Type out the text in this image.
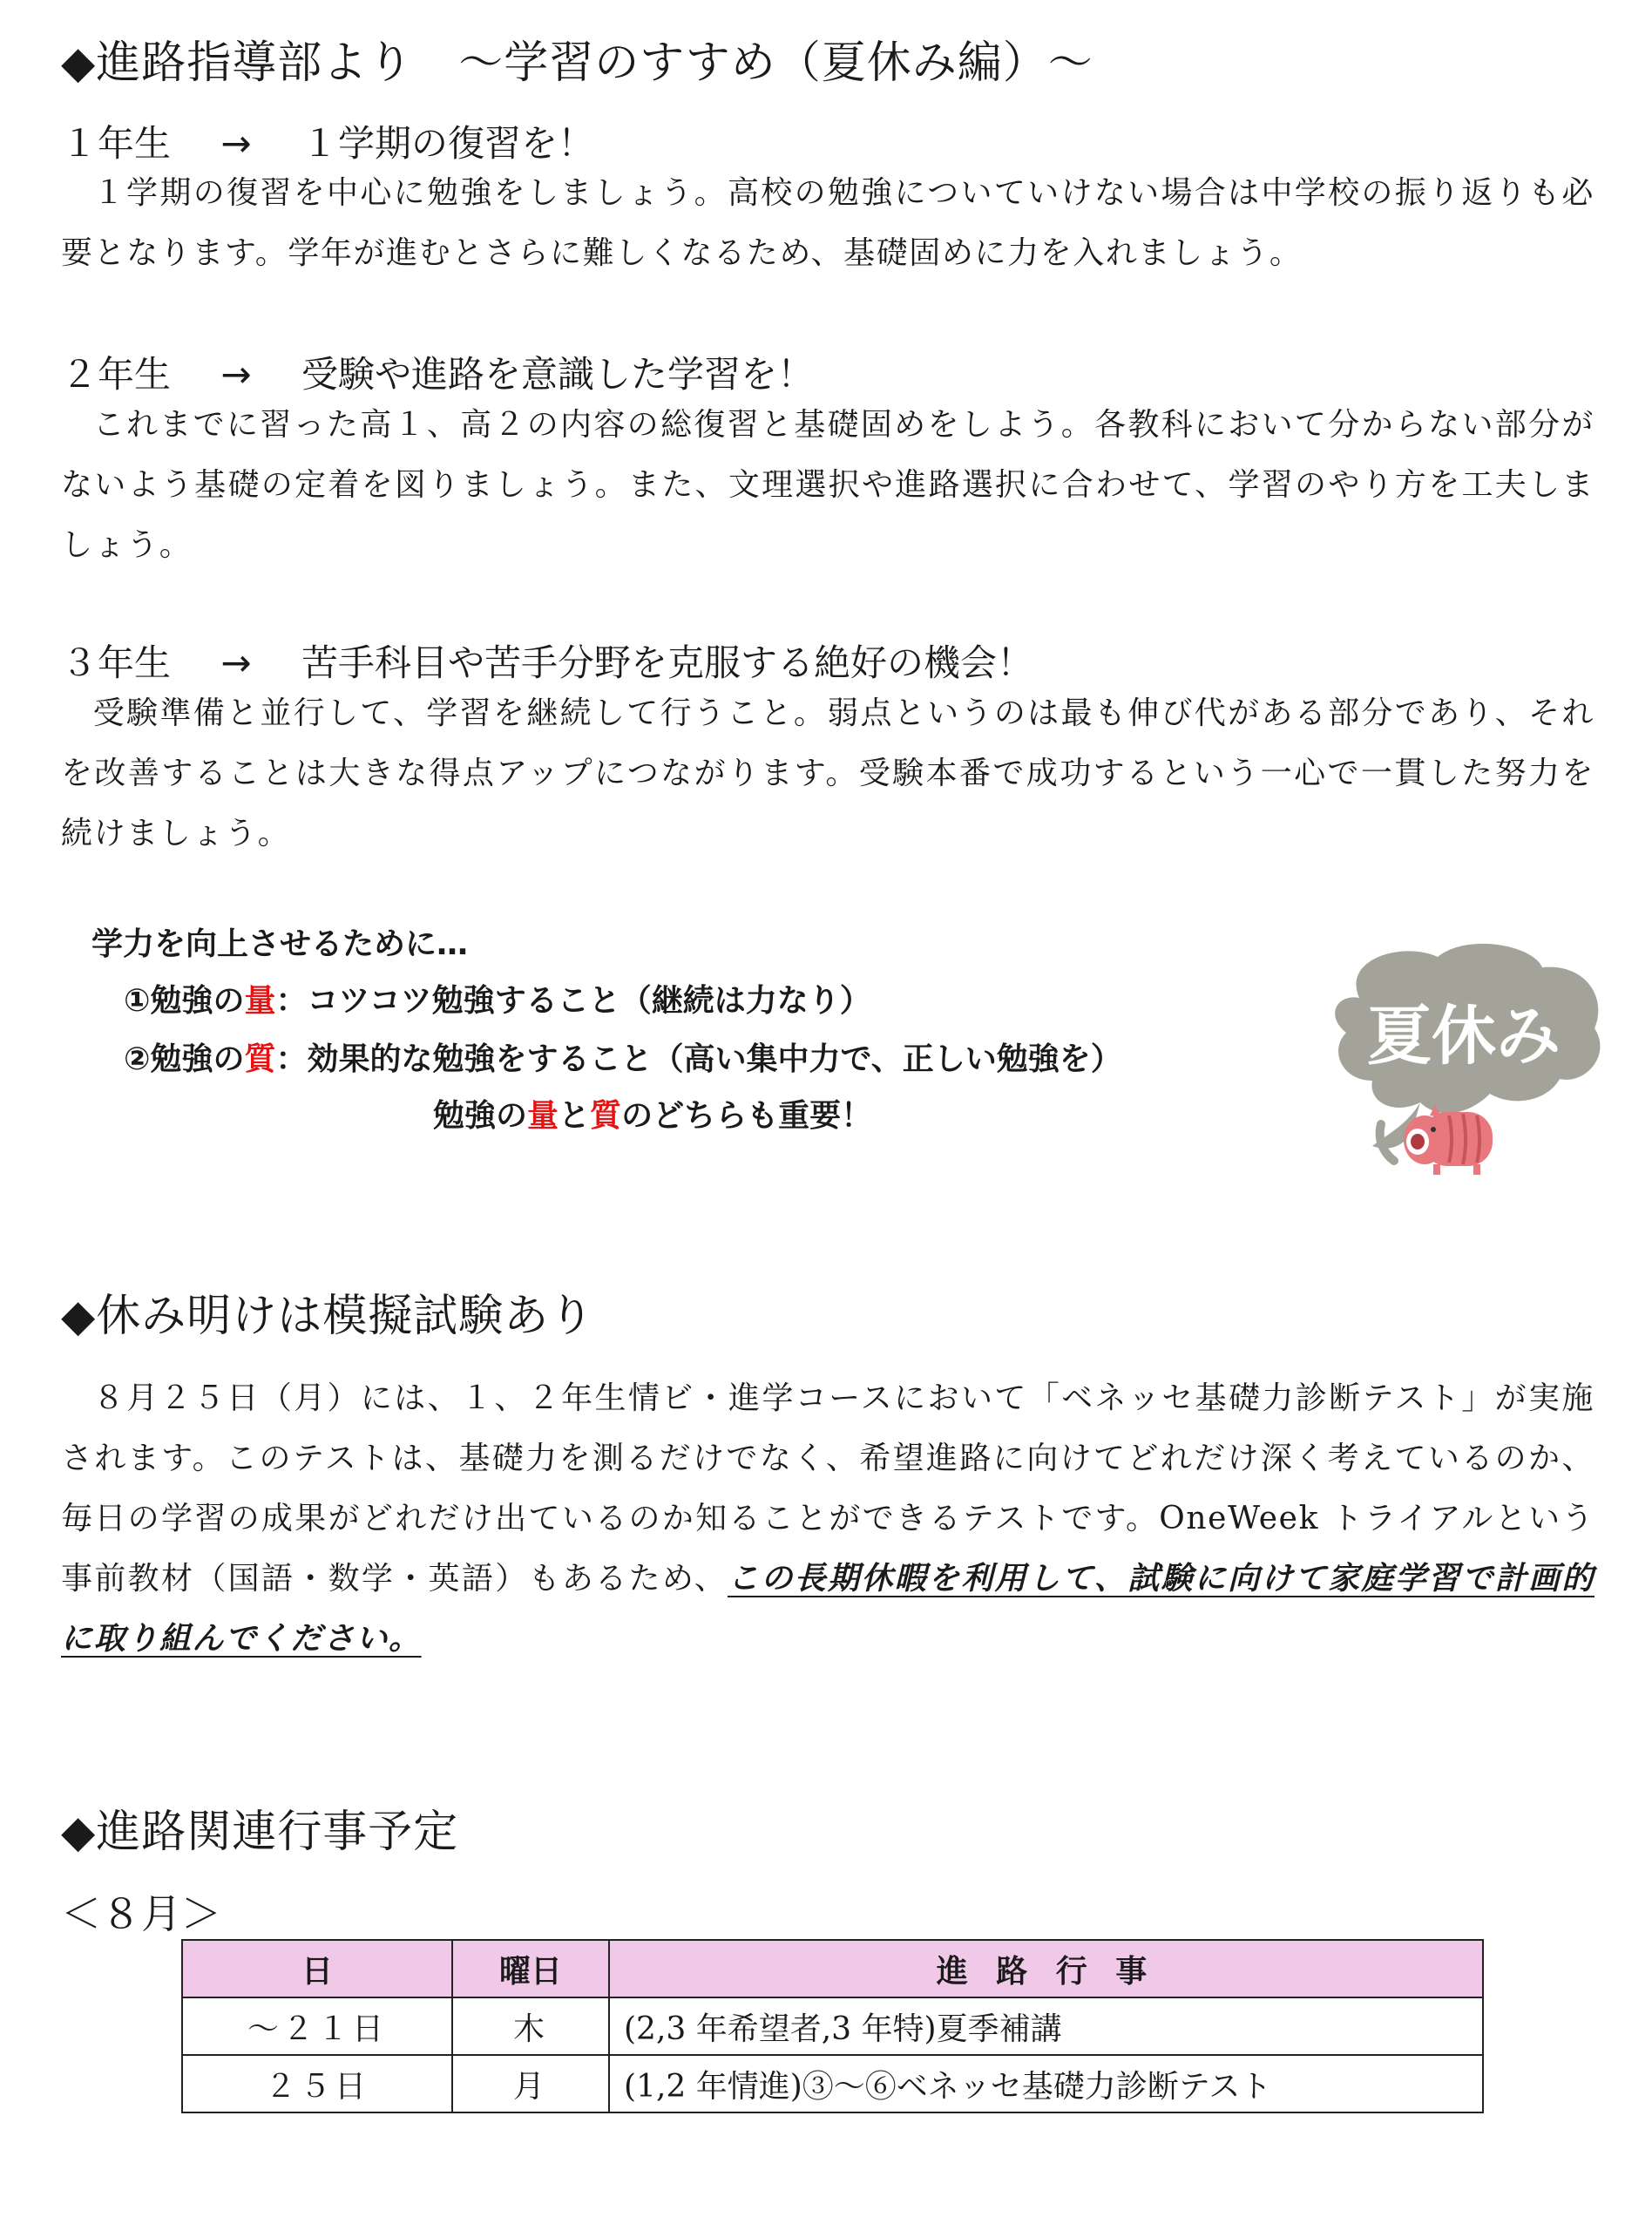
◆進路指導部より　～学習のすすめ（夏休み編）～
１年生 → １学期の復習を！
１学期の復習を中心に勉強をしましょう。高校の勉強についていけない場合は中学校の振り返りも必要となります。学年が進むとさらに難しくなるため、基礎固めに力を入れましょう。
２年生 → 受験や進路を意識した学習を！
これまでに習った高１、高２の内容の総復習と基礎固めをしよう。各教科において分からない部分がないよう基礎の定着を図りましょう。また、文理選択や進路選択に合わせて、学習のやり方を工夫しましょう。
３年生 → 苦手科目や苦手分野を克服する絶好の機会！
受験準備と並行して、学習を継続して行うこと。弱点というのは最も伸び代がある部分であり、それを改善することは大きな得点アップにつながります。受験本番で成功するという一心で一貫した努力を続けましょう。
学力を向上させるために…
①勉強の量：コツコツ勉強すること（継続は力なり）
②勉強の質：効果的な勉強をすること（高い集中力で、正しい勉強を）
勉強の量と質のどちらも重要！
夏休み
◆休み明けは模擬試験あり
８月２５日（月）には、１、２年生情ビ・進学コースにおいて「ベネッセ基礎力診断テスト」が実施されます。このテストは、基礎力を測るだけでなく、希望進路に向けてどれだけ深く考えているのか、毎日の学習の成果がどれだけ出ているのか知ることができるテストです。OneWeek トライアルという事前教材（国語・数学・英語）もあるため、この長期休暇を利用して、試験に向けて家庭学習で計画的に取り組んでください。
◆進路関連行事予定
＜８月＞
日	曜日	進 路 行 事
～２１日	木	(2,3 年希望者,3 年特)夏季補講
２５日	月	(1,2 年情進)③～⑥ベネッセ基礎力診断テスト
